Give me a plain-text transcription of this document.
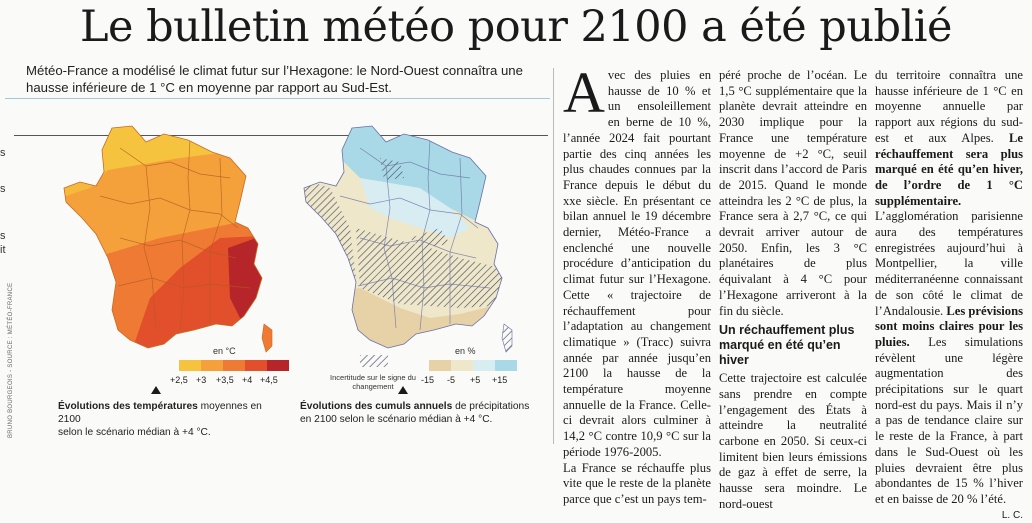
Le bulletin météo pour 2100 a été publié
Météo-France a modélisé le climat futur sur l’Hexagone: le Nord-Ouest connaîtra une hausse inférieure de 1 °C en moyenne par rapport au Sud-Est.
s
s
s
it
BRUNO BOURGEOIS - SOURCE : MÉTÉO-FRANCE	en °C
+2,5 +3 +3,5 +4 +4,5
Évolutions des températures moyennes en 2100
selon le scénario médian à +4 °C.
Incertitude sur le signe du changement
en %
-15 -5 +5 +15
Évolutions des cumuls annuels de précipitations
en 2100 selon le scénario médian à +4 °C.

Avec des pluies en hausse de 10 % et un ensoleillement en berne de 10 %, l’année 2024 fait pourtant partie des cinq années les plus chaudes connues par la France depuis le début du xxe siècle. En présentant ce bilan annuel le 19 décembre dernier, Météo-France a enclenché une nouvelle procédure d’anticipation du climat futur sur l’Hexagone. Cette « trajectoire de réchauffement pour l’adaptation au changement climatique » (Tracc) suivra année par année jusqu’en 2100 la hausse de la température moyenne annuelle de la France. Celle-ci devrait alors culminer à 14,2 °C contre 10,9 °C sur la période 1976-2005.

La France se réchauffe plus vite que le reste de la planète parce que c’est un pays tem-

péré proche de l’océan. Le 1,5 °C supplémentaire que la planète devrait atteindre en 2030 implique pour la France une température moyenne de +2 °C, seuil inscrit dans l’accord de Paris de 2015. Quand le monde atteindra les 2 °C de plus, la France sera à 2,7 °C, ce qui devrait arriver autour de 2050. Enfin, les 3 °C planétaires de plus équivalant à 4 °C pour l’Hexagone arriveront à la fin du siècle.

Un réchauffement plus marqué en été qu’en hiver

Cette trajectoire est calculée sans prendre en compte l’engagement des États à atteindre la neutralité carbone en 2050. Si ceux-ci limitent bien leurs émissions de gaz à effet de serre, la hausse sera moindre. Le nord-ouest

du territoire connaîtra une hausse inférieure de 1 °C en moyenne annuelle par rapport aux régions du sud-est et aux Alpes. Le réchauffement sera plus marqué en été qu’en hiver, de l’ordre de 1 °C supplémentaire. L’agglomération parisienne aura des températures enregistrées aujourd’hui à Montpellier, la ville méditerranéenne connaissant de son côté le climat de l’Andalousie. Les prévisions sont moins claires pour les pluies. Les simulations révèlent une légère augmentation des précipitations sur le quart nord-est du pays. Mais il n’y a pas de tendance claire sur le reste de la France, à part dans le Sud-Ouest où les pluies devraient être plus abondantes de 15 % l’hiver et en baisse de 20 % l’été.
L. C.
